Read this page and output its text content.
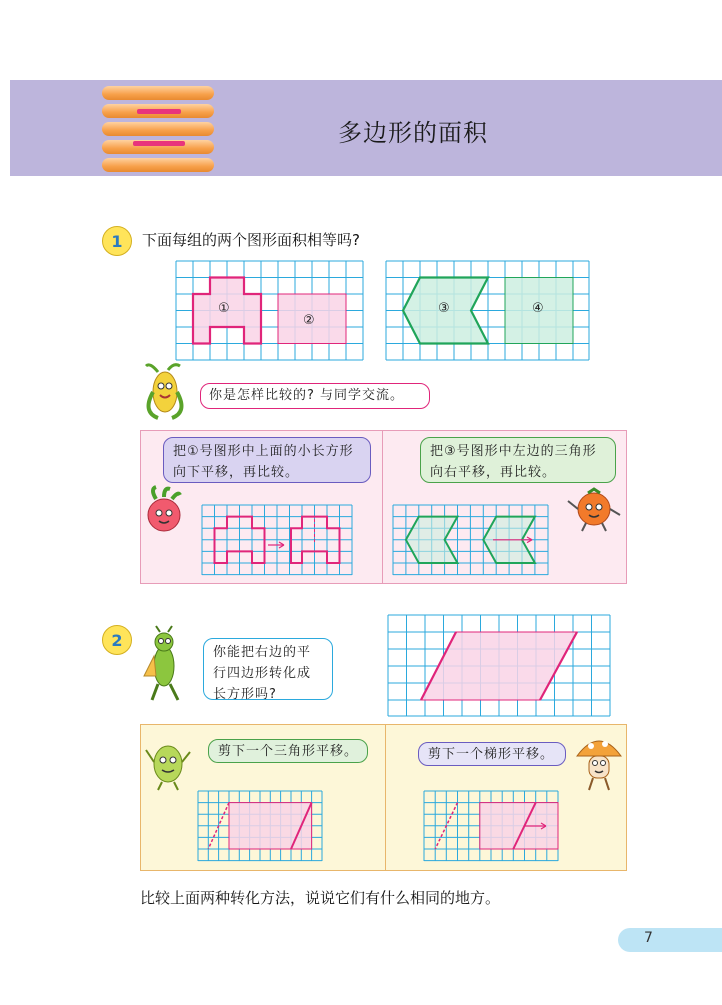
多边形的面积
1	下面每组的两个图形面积相等吗?
①
②
③	④
你是怎样比较的? 与同学交流。
把①号图形中上面的小长方形向下平移，再比较。
把③号图形中左边的三角形向右平移，再比较。
2
你能把右边的平行四边形转化成长方形吗?
剪下一个三角形平移。	剪下一个梯形平移。
比较上面两种转化方法，说说它们有什么相同的地方。
7
